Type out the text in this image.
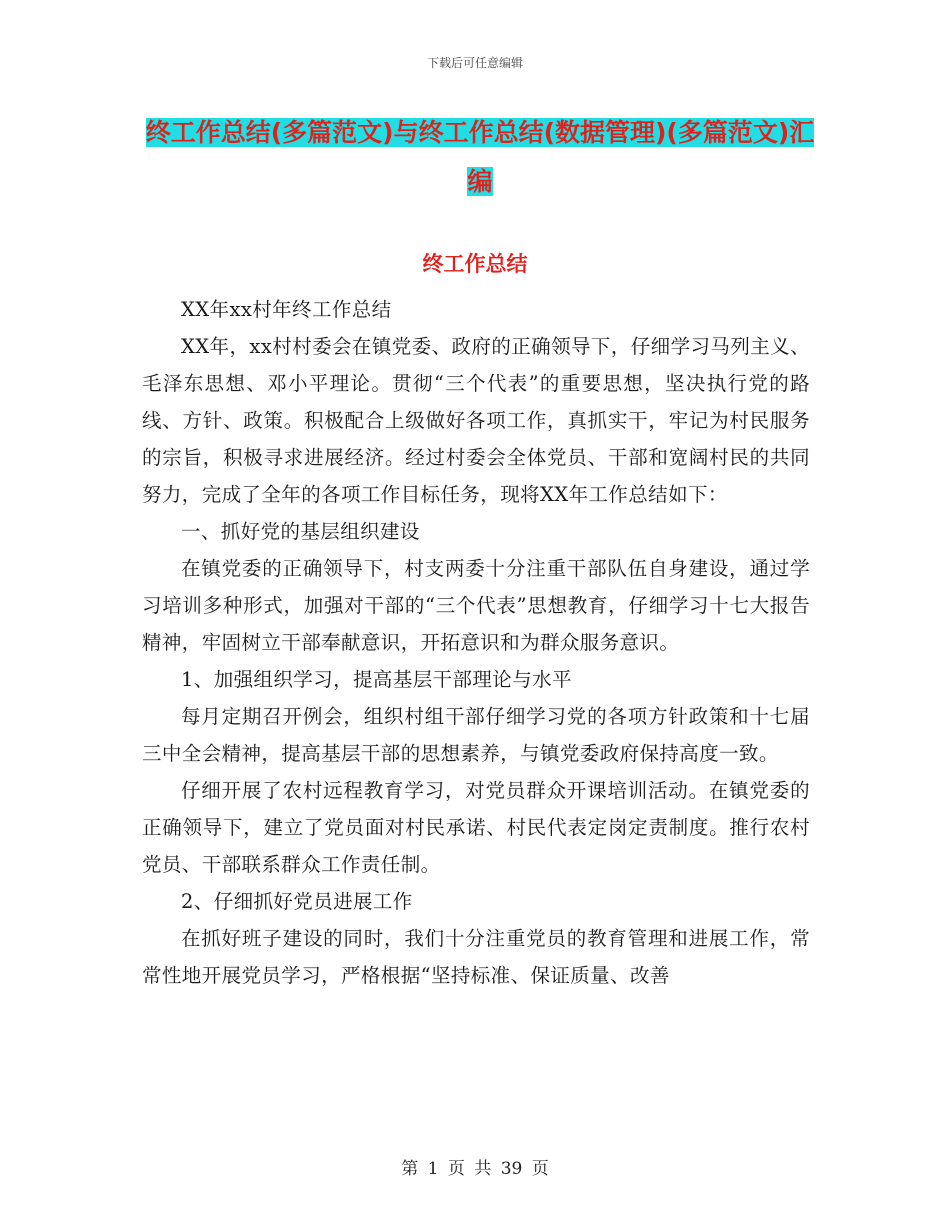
下载后可任意编辑
终工作总结(多篇范文)与终工作总结(数据管理)(多篇范文)汇编
终工作总结

XX年xx村年终工作总结

XX年，xx村村委会在镇党委、政府的正确领导下，仔细学习马列主义、毛泽东思想、邓小平理论。贯彻“三个代表”的重要思想，坚决执行党的路线、方针、政策。积极配合上级做好各项工作，真抓实干，牢记为村民服务的宗旨，积极寻求进展经济。经过村委会全体党员、干部和宽阔村民的共同努力，完成了全年的各项工作目标任务，现将XX年工作总结如下：

一、抓好党的基层组织建设

在镇党委的正确领导下，村支两委十分注重干部队伍自身建设，通过学习培训多种形式，加强对干部的“三个代表”思想教育，仔细学习十七大报告精神，牢固树立干部奉献意识，开拓意识和为群众服务意识。

1、加强组织学习，提高基层干部理论与水平

每月定期召开例会，组织村组干部仔细学习党的各项方针政策和十七届三中全会精神，提高基层干部的思想素养，与镇党委政府保持高度一致。

仔细开展了农村远程教育学习，对党员群众开课培训活动。在镇党委的正确领导下，建立了党员面对村民承诺、村民代表定岗定责制度。推行农村党员、干部联系群众工作责任制。

2、仔细抓好党员进展工作

在抓好班子建设的同时，我们十分注重党员的教育管理和进展工作，常常性地开展党员学习，严格根据“坚持标准、保证质量、改善

第 1 页 共 39 页
